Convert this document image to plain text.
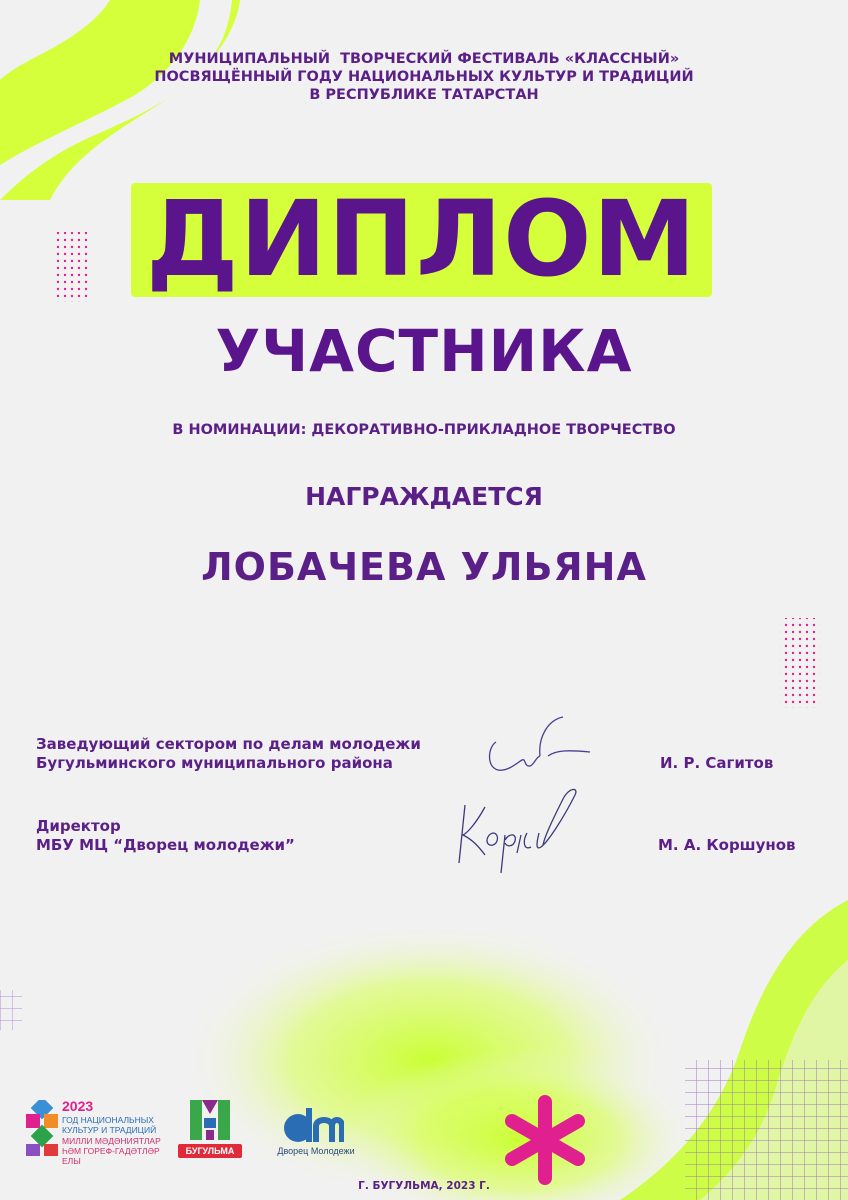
МУНИЦИПАЛЬНЫЙ  ТВОРЧЕСКИЙ ФЕСТИВАЛЬ «КЛАССНЫЙ»
ПОСВЯЩЁННЫЙ ГОДУ НАЦИОНАЛЬНЫХ КУЛЬТУР И ТРАДИЦИЙ
В РЕСПУБЛИКЕ ТАТАРСТАН
ДИПЛОМ
УЧАСТНИКА
В НОМИНАЦИИ: ДЕКОРАТИВНО-ПРИКЛАДНОЕ ТВОРЧЕСТВО
НАГРАЖДАЕТСЯ
ЛОБАЧЕВА УЛЬЯНА
Заведующий сектором по делам молодежи
Бугульминского муниципального района	И. Р. Сагитов
Директор
МБУ МЦ “Дворец молодежи”	М. А. Коршунов
2023
ГОД НАЦИОНАЛЬНЫХ
КУЛЬТУР И ТРАДИЦИЙ
МИЛЛИ МӘДӘНИЯТЛАР
ҺӘМ ГОРЕФ-ГАДӘТЛӘР ЕЛЫ
БУГУЛЬМА	Дворец Молодежи
Г. БУГУЛЬМА, 2023 Г.
